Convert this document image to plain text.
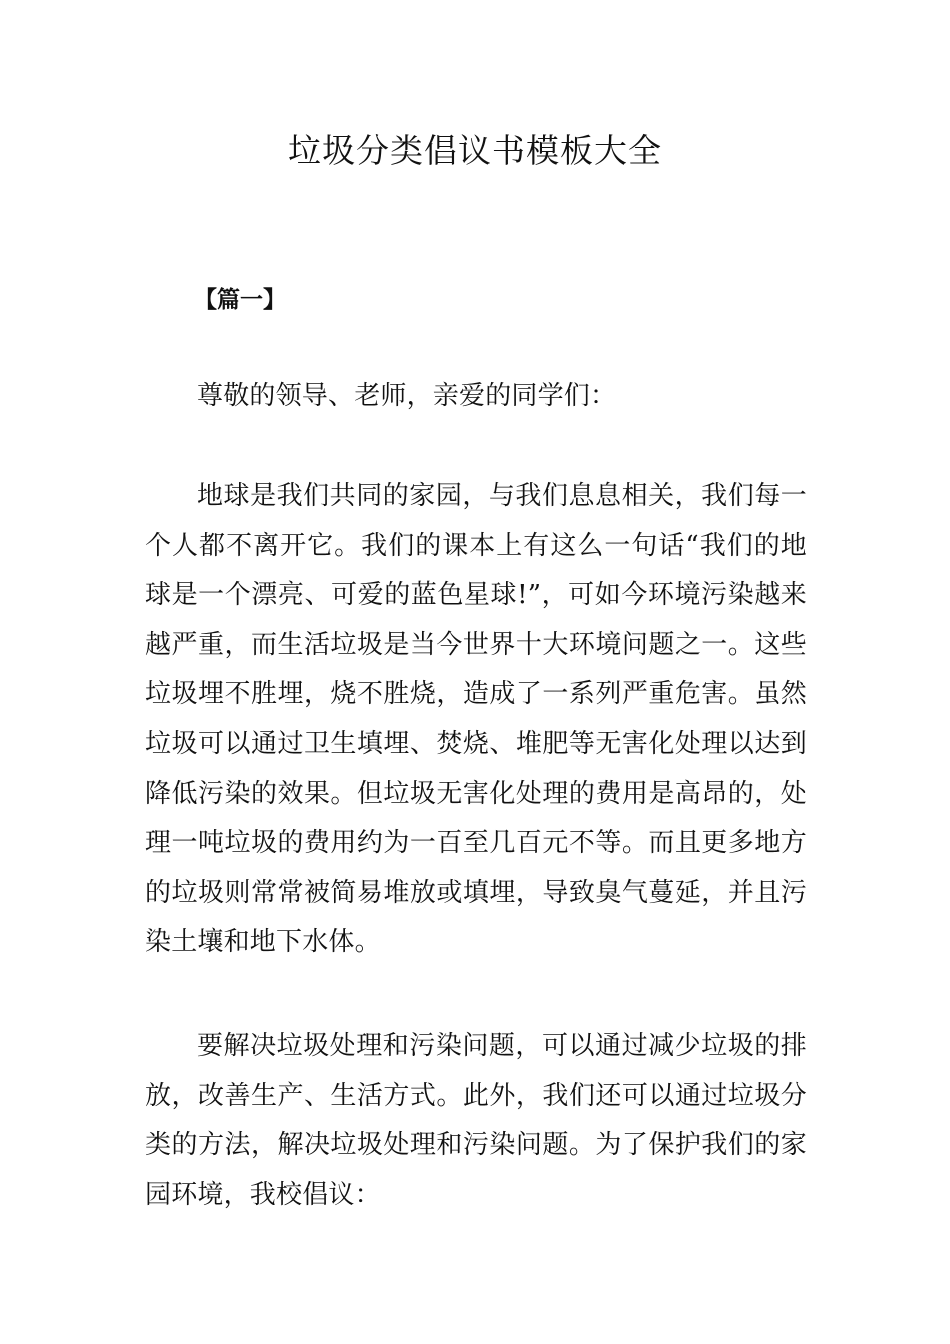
垃圾分类倡议书模板大全

【篇一】

尊敬的领导、老师，亲爱的同学们：

地球是我们共同的家园，与我们息息相关，我们每一个人都不离开它。我们的课本上有这么一句话“我们的地球是一个漂亮、可爱的蓝色星球!”，可如今环境污染越来越严重，而生活垃圾是当今世界十大环境问题之一。这些垃圾埋不胜埋，烧不胜烧，造成了一系列严重危害。虽然垃圾可以通过卫生填埋、焚烧、堆肥等无害化处理以达到降低污染的效果。但垃圾无害化处理的费用是高昂的，处理一吨垃圾的费用约为一百至几百元不等。而且更多地方的垃圾则常常被简易堆放或填埋，导致臭气蔓延，并且污染土壤和地下水体。

要解决垃圾处理和污染问题，可以通过减少垃圾的排放，改善生产、生活方式。此外，我们还可以通过垃圾分类的方法，解决垃圾处理和污染问题。为了保护我们的家园环境，我校倡议：
